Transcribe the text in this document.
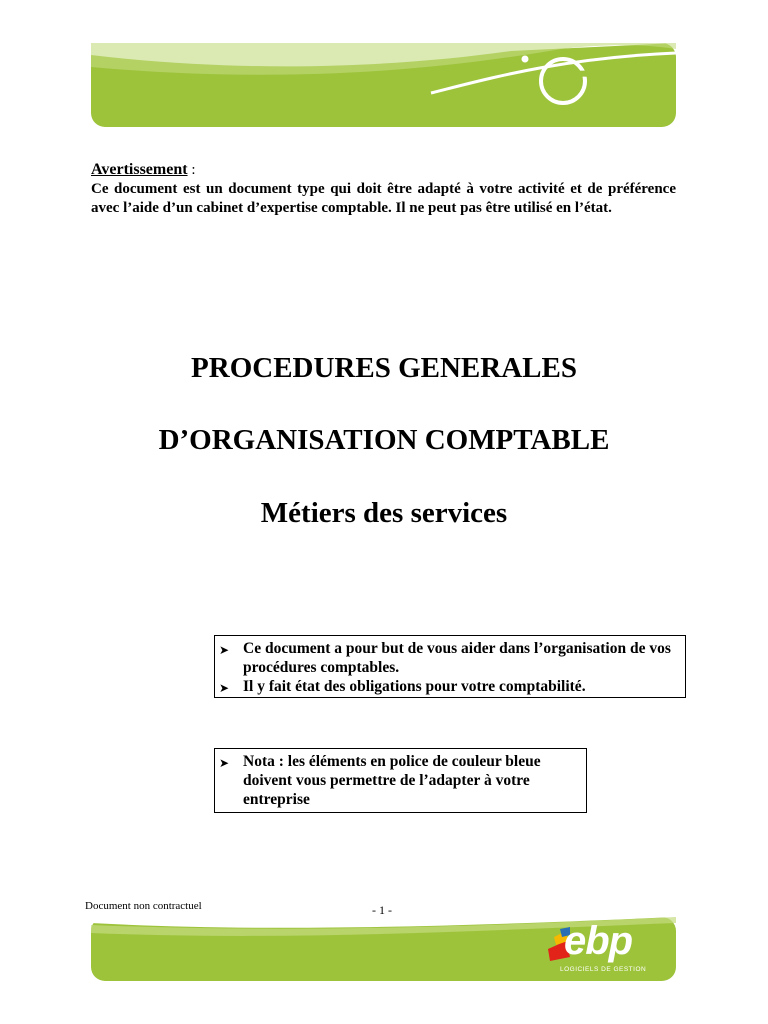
Avertissement :
Ce document est un document type qui doit être adapté à votre activité et de préférence avec l’aide d’un cabinet d’expertise comptable. Il ne peut pas être utilisé en l’état.
PROCEDURES GENERALES
D’ORGANISATION COMPTABLE
Métiers des services
➤ Ce document a pour but de vous aider dans l’organisation de vos procédures comptables.
➤ Il y fait état des obligations pour votre comptabilité.
➤ Nota : les éléments en police de couleur bleue doivent vous permettre de l’adapter à votre entreprise
Document non contractuel	- 1 -
ebp
LOGICIELS DE GESTION
